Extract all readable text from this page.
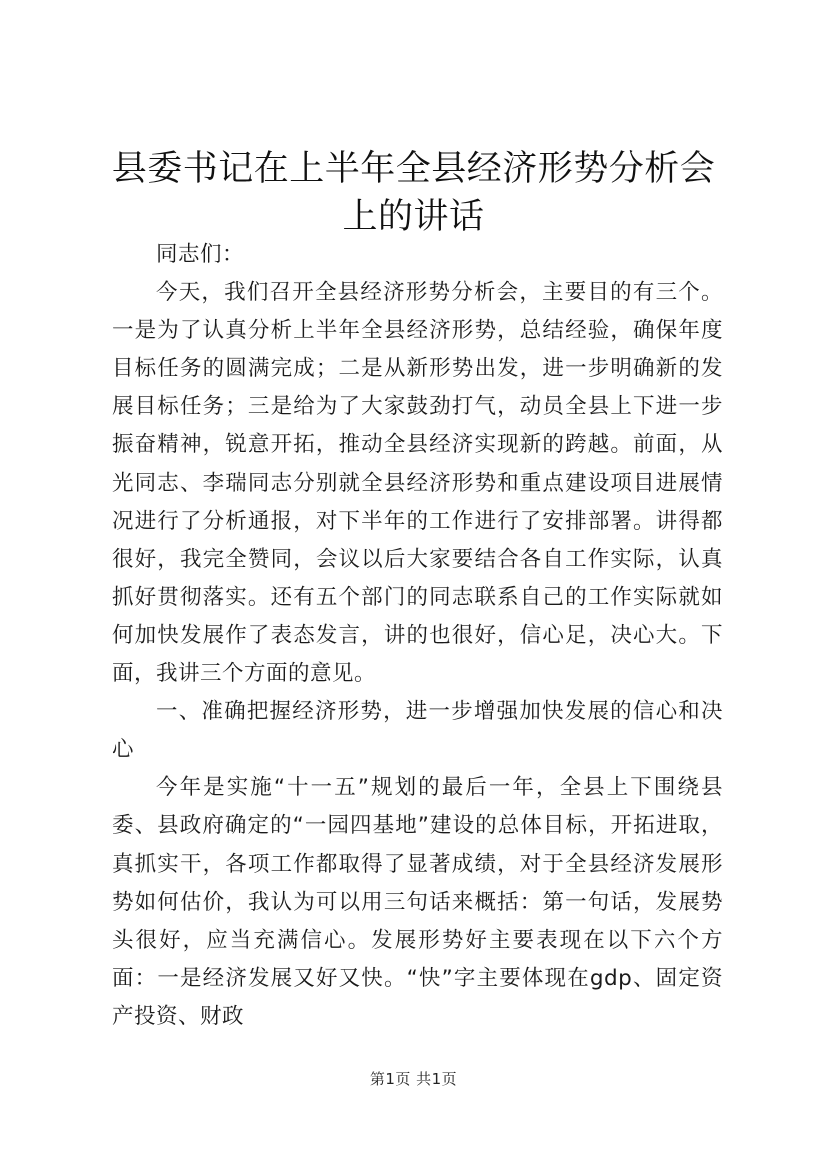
县委书记在上半年全县经济形势分析会上的讲话

同志们：

今天，我们召开全县经济形势分析会，主要目的有三个。一是为了认真分析上半年全县经济形势，总结经验，确保年度目标任务的圆满完成；二是从新形势出发，进一步明确新的发展目标任务；三是给为了大家鼓劲打气，动员全县上下进一步振奋精神，锐意开拓，推动全县经济实现新的跨越。前面，从光同志、李瑞同志分别就全县经济形势和重点建设项目进展情况进行了分析通报，对下半年的工作进行了安排部署。讲得都很好，我完全赞同，会议以后大家要结合各自工作实际，认真抓好贯彻落实。还有五个部门的同志联系自己的工作实际就如何加快发展作了表态发言，讲的也很好，信心足，决心大。下面，我讲三个方面的意见。

一、准确把握经济形势，进一步增强加快发展的信心和决心

今年是实施“十一五”规划的最后一年，全县上下围绕县委、县政府确定的“一园四基地”建设的总体目标，开拓进取，真抓实干，各项工作都取得了显著成绩，对于全县经济发展形势如何估价，我认为可以用三句话来概括：第一句话，发展势头很好，应当充满信心。发展形势好主要表现在以下六个方面：一是经济发展又好又快。“快”字主要体现在gdp、固定资产投资、财政

第1页 共1页
